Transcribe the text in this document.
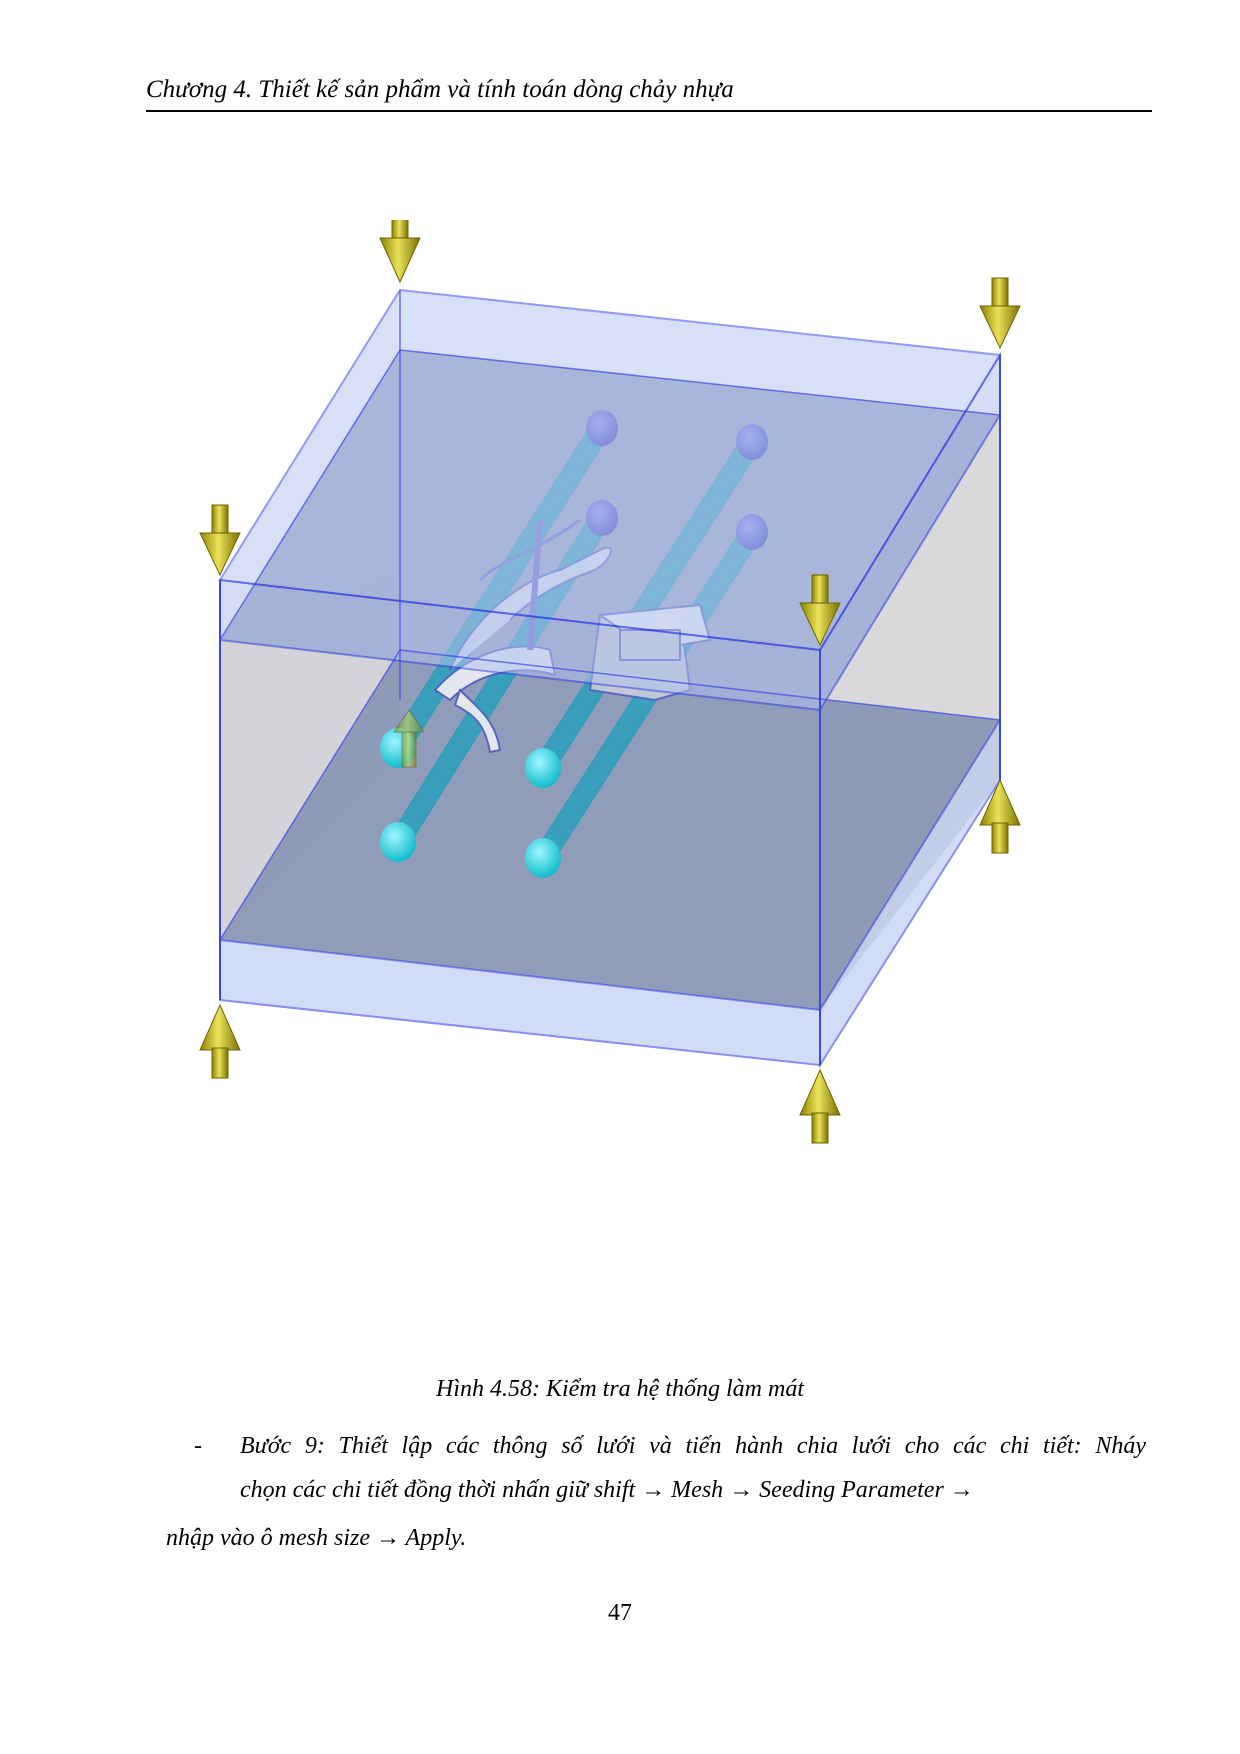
Chương 4. Thiết kế sản phẩm và tính toán dòng chảy nhựa
Hình 4.58: Kiểm tra hệ thống làm mát
- Bước 9: Thiết lập các thông số lưới và tiến hành chia lưới cho các chi tiết: Nháy
chọn các chi tiết đồng thời nhấn giữ shift → Mesh → Seeding Parameter →
nhập vào ô mesh size → Apply.
47
